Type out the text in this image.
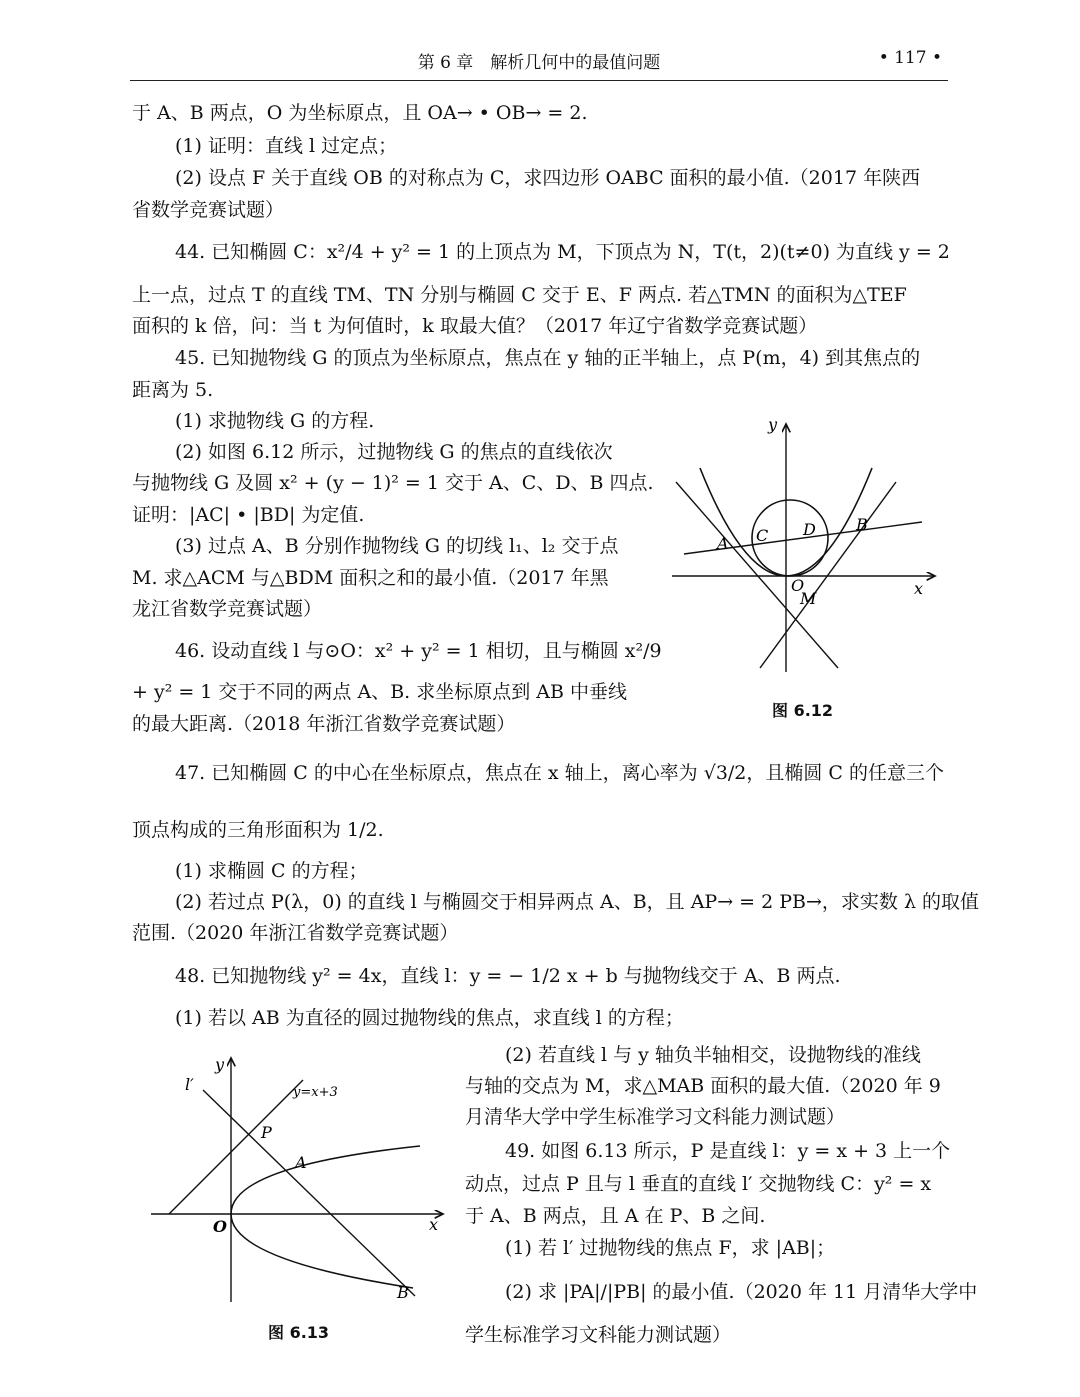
第 6 章　解析几何中的最值问题	• 117 •
于 A、B 两点，O 为坐标原点，且 OA→ • OB→ = 2.
(1) 证明：直线 l 过定点；
(2) 设点 F 关于直线 OB 的对称点为 C，求四边形 OABC 面积的最小值.（2017 年陕西
省数学竞赛试题）
44. 已知椭圆 C：x²/4 + y² = 1 的上顶点为 M，下顶点为 N，T(t，2)(t≠0) 为直线 y = 2
上一点，过点 T 的直线 TM、TN 分别与椭圆 C 交于 E、F 两点. 若△TMN 的面积为△TEF
面积的 k 倍，问：当 t 为何值时，k 取最大值？（2017 年辽宁省数学竞赛试题）
45. 已知抛物线 G 的顶点为坐标原点，焦点在 y 轴的正半轴上，点 P(m，4) 到其焦点的
距离为 5.
(1) 求抛物线 G 的方程.
(2) 如图 6.12 所示，过抛物线 G 的焦点的直线依次
与抛物线 G 及圆 x² + (y − 1)² = 1 交于 A、C、D、B 四点.
证明：|AC| • |BD| 为定值.
(3) 过点 A、B 分别作抛物线 G 的切线 l₁、l₂ 交于点
M. 求△ACM 与△BDM 面积之和的最小值.（2017 年黑
龙江省数学竞赛试题）
46. 设动直线 l 与⊙O：x² + y² = 1 相切，且与椭圆 x²/9
+ y² = 1 交于不同的两点 A、B. 求坐标原点到 AB 中垂线
的最大距离.（2018 年浙江省数学竞赛试题）
47. 已知椭圆 C 的中心在坐标原点，焦点在 x 轴上，离心率为 √3/2，且椭圆 C 的任意三个
顶点构成的三角形面积为 1/2.
(1) 求椭圆 C 的方程；
(2) 若过点 P(λ，0) 的直线 l 与椭圆交于相异两点 A、B，且 AP→ = 2 PB→，求实数 λ 的取值
范围.（2020 年浙江省数学竞赛试题）
48. 已知抛物线 y² = 4x，直线 l：y = − 1/2 x + b 与抛物线交于 A、B 两点.
(1) 若以 AB 为直径的圆过抛物线的焦点，求直线 l 的方程；
(2) 若直线 l 与 y 轴负半轴相交，设抛物线的准线
与轴的交点为 M，求△MAB 面积的最大值.（2020 年 9
月清华大学中学生标准学习文科能力测试题）
49. 如图 6.13 所示，P 是直线 l：y = x + 3 上一个
动点，过点 P 且与 l 垂直的直线 l′ 交抛物线 C：y² = x
于 A、B 两点，且 A 在 P、B 之间.
(1) 若 l′ 过抛物线的焦点 F，求 |AB|；
(2) 求 |PA|/|PB| 的最小值.（2020 年 11 月清华大学中
学生标准学习文科能力测试题）
y
x
A C D	B
O
M
图 6.12
y
x
O
P
A
B
l′	y=x+3
图 6.13
